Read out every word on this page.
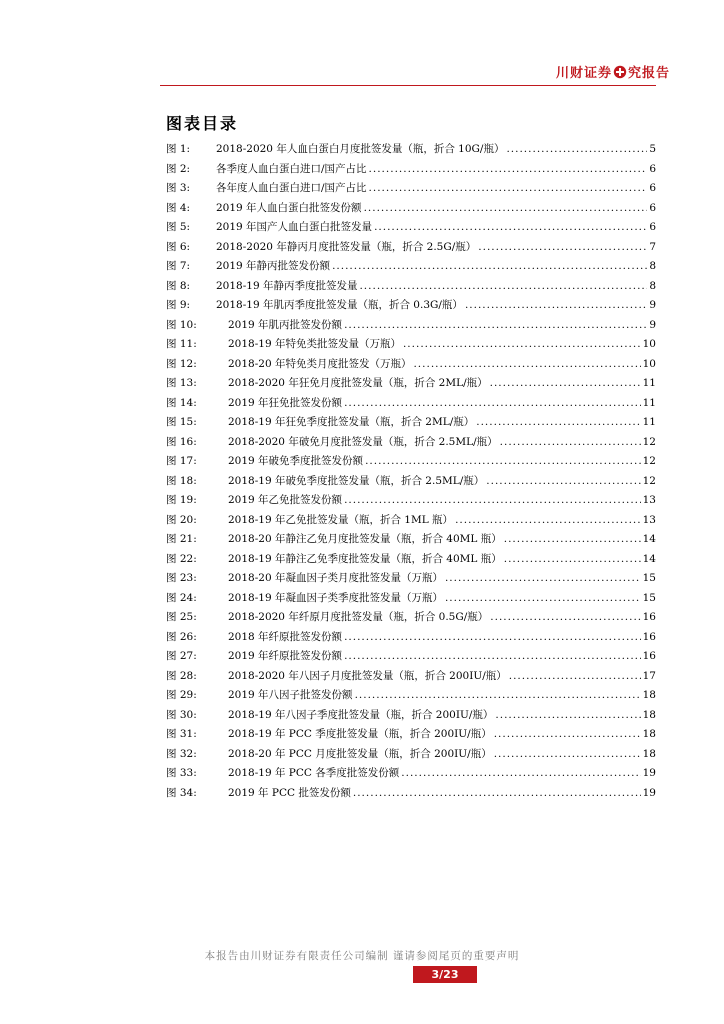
川财证券 究报告
图表目录
图 1:	2018-2020 年人血白蛋白月度批签发量（瓶，折合 10G/瓶） .....	5
图 2:	各季度人血白蛋白进口/国产占比 .....	6
图 3:	各年度人血白蛋白进口/国产占比 .....	6
图 4:	2019 年人血白蛋白批签发份额 .....	6
图 5:	2019 年国产人血白蛋白批签发量 .....	6
图 6:	2018-2020 年静丙月度批签发量（瓶，折合 2.5G/瓶） .....	7
图 7:	2019 年静丙批签发份额 .....	8
图 8:	2018-19 年静丙季度批签发量 .....	8
图 9:	2018-19 年肌丙季度批签发量（瓶，折合 0.3G/瓶） .....	9
图 10:	2019 年肌丙批签发份额 .....	9
图 11:	2018-19 年特免类批签发量（万瓶） .....	10
图 12:	2018-20 年特免类月度批签发（万瓶） .....	10
图 13:	2018-2020 年狂免月度批签发量（瓶，折合 2ML/瓶） .....	11
图 14:	2019 年狂免批签发份额 .....	11
图 15:	2018-19 年狂免季度批签发量（瓶，折合 2ML/瓶） .....	11
图 16:	2018-2020 年破免月度批签发量（瓶，折合 2.5ML/瓶） .....	12
图 17:	2019 年破免季度批签发份额 .....	12
图 18:	2018-19 年破免季度批签发量（瓶，折合 2.5ML/瓶） .....	12
图 19:	2019 年乙免批签发份额 .....	13
图 20:	2018-19 年乙免批签发量（瓶，折合 1ML 瓶） .....	13
图 21:	2018-20 年静注乙免月度批签发量（瓶，折合 40ML 瓶） .....	14
图 22:	2018-19 年静注乙免季度批签发量（瓶，折合 40ML 瓶） .....	14
图 23:	2018-20 年凝血因子类月度批签发量（万瓶） .....	15
图 24:	2018-19 年凝血因子类季度批签发量（万瓶） .....	15
图 25:	2018-2020 年纤原月度批签发量（瓶，折合 0.5G/瓶） .....	16
图 26:	2018 年纤原批签发份额 .....	16
图 27:	2019 年纤原批签发份额 .....	16
图 28:	2018-2020 年八因子月度批签发量（瓶，折合 200IU/瓶） .....	17
图 29:	2019 年八因子批签发份额 .....	18
图 30:	2018-19 年八因子季度批签发量（瓶，折合 200IU/瓶） .....	18
图 31:	2018-19 年 PCC 季度批签发量（瓶，折合 200IU/瓶） .....	18
图 32:	2018-20 年 PCC 月度批签发量（瓶，折合 200IU/瓶） .....	18
图 33:	2018-19 年 PCC 各季度批签发份额 .....	19
图 34:	2019 年 PCC 批签发份额 .....	19
本报告由川财证券有限责任公司编制 谨请参阅尾页的重要声明
3/23
